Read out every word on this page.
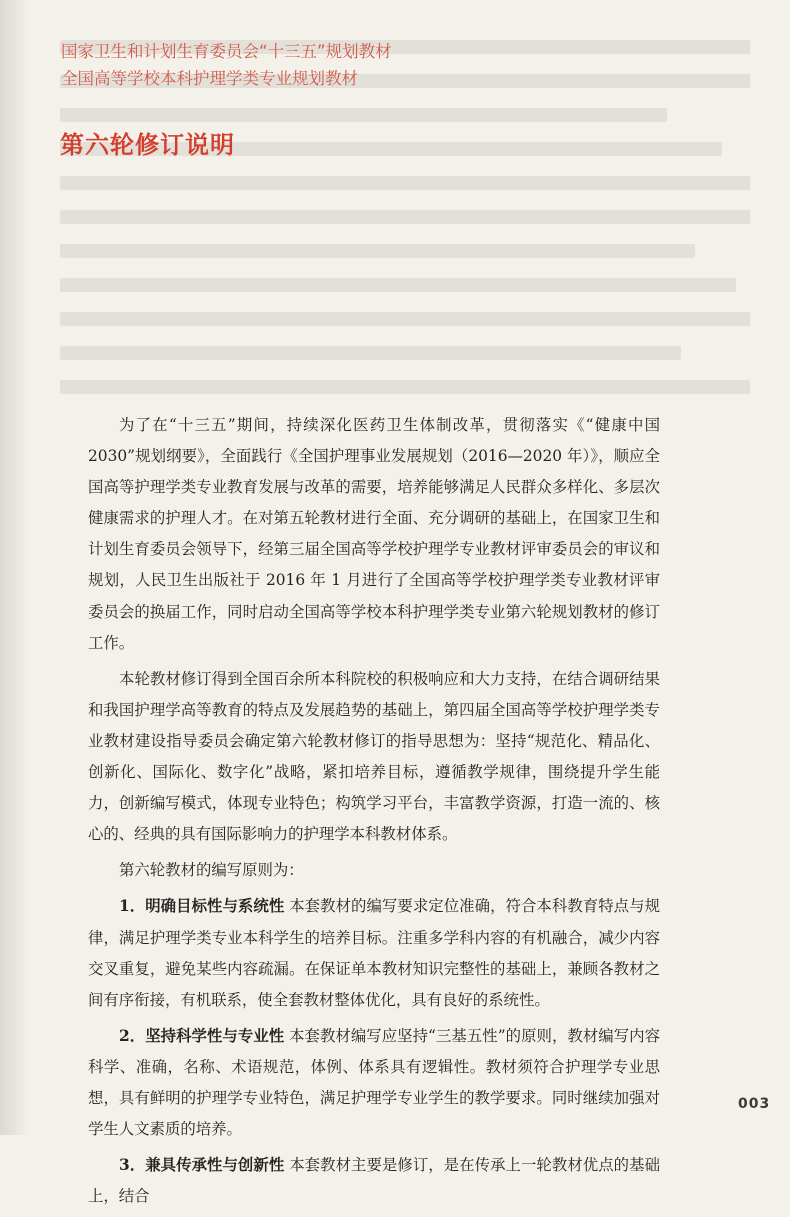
国家卫生和计划生育委员会“十三五”规划教材
全国高等学校本科护理学类专业规划教材
第六轮修订说明

为了在“十三五”期间，持续深化医药卫生体制改革，贯彻落实《“健康中国 2030”规划纲要》，全面践行《全国护理事业发展规划（2016—2020 年）》，顺应全国高等护理学类专业教育发展与改革的需要，培养能够满足人民群众多样化、多层次健康需求的护理人才。在对第五轮教材进行全面、充分调研的基础上，在国家卫生和计划生育委员会领导下，经第三届全国高等学校护理学专业教材评审委员会的审议和规划，人民卫生出版社于 2016 年 1 月进行了全国高等学校护理学类专业教材评审委员会的换届工作，同时启动全国高等学校本科护理学类专业第六轮规划教材的修订工作。

本轮教材修订得到全国百余所本科院校的积极响应和大力支持，在结合调研结果和我国护理学高等教育的特点及发展趋势的基础上，第四届全国高等学校护理学类专业教材建设指导委员会确定第六轮教材修订的指导思想为：坚持“规范化、精品化、创新化、国际化、数字化”战略，紧扣培养目标，遵循教学规律，围绕提升学生能力，创新编写模式，体现专业特色；构筑学习平台，丰富教学资源，打造一流的、核心的、经典的具有国际影响力的护理学本科教材体系。

第六轮教材的编写原则为：

1．明确目标性与系统性 本套教材的编写要求定位准确，符合本科教育特点与规律，满足护理学类专业本科学生的培养目标。注重多学科内容的有机融合，减少内容交叉重复，避免某些内容疏漏。在保证单本教材知识完整性的基础上，兼顾各教材之间有序衔接，有机联系，使全套教材整体优化，具有良好的系统性。

2．坚持科学性与专业性 本套教材编写应坚持“三基五性”的原则，教材编写内容科学、准确，名称、术语规范，体例、体系具有逻辑性。教材须符合护理学专业思想，具有鲜明的护理学专业特色，满足护理学专业学生的教学要求。同时继续加强对学生人文素质的培养。

3．兼具传承性与创新性 本套教材主要是修订，是在传承上一轮教材优点的基础上，结合

003
